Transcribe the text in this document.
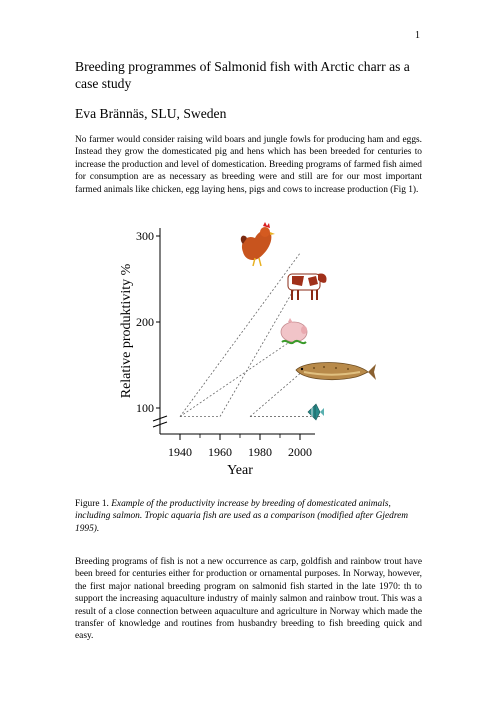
1
Breeding programmes of Salmonid fish with Arctic charr as a case study
Eva Brännäs, SLU, Sweden
No farmer would consider raising wild boars and jungle fowls for producing ham and eggs. Instead they grow the domesticated pig and hens which has been breeded for centuries to increase the production and level of domestication. Breeding programs of farmed fish aimed for consumption are as necessary as breeding were and still are for our most important farmed animals like chicken, egg laying hens, pigs and cows to increase production (Fig 1).
1940 1960 1980 2000
100
200
300
Year
Relative produktivity %
Figure 1. Example of the productivity increase by breeding of domesticated animals, including salmon. Tropic aquaria fish are used as a comparison (modified after Gjedrem 1995).
Breeding programs of fish is not a new occurrence as carp, goldfish and rainbow trout have been breed for centuries either for production or ornamental purposes. In Norway, however, the first major national breeding program on salmonid fish started in the late 1970: th to support the increasing aquaculture industry of mainly salmon and rainbow trout. This was a result of a close connection between aquaculture and agriculture in Norway which made the transfer of knowledge and routines from husbandry breeding to fish breeding quick and easy.
